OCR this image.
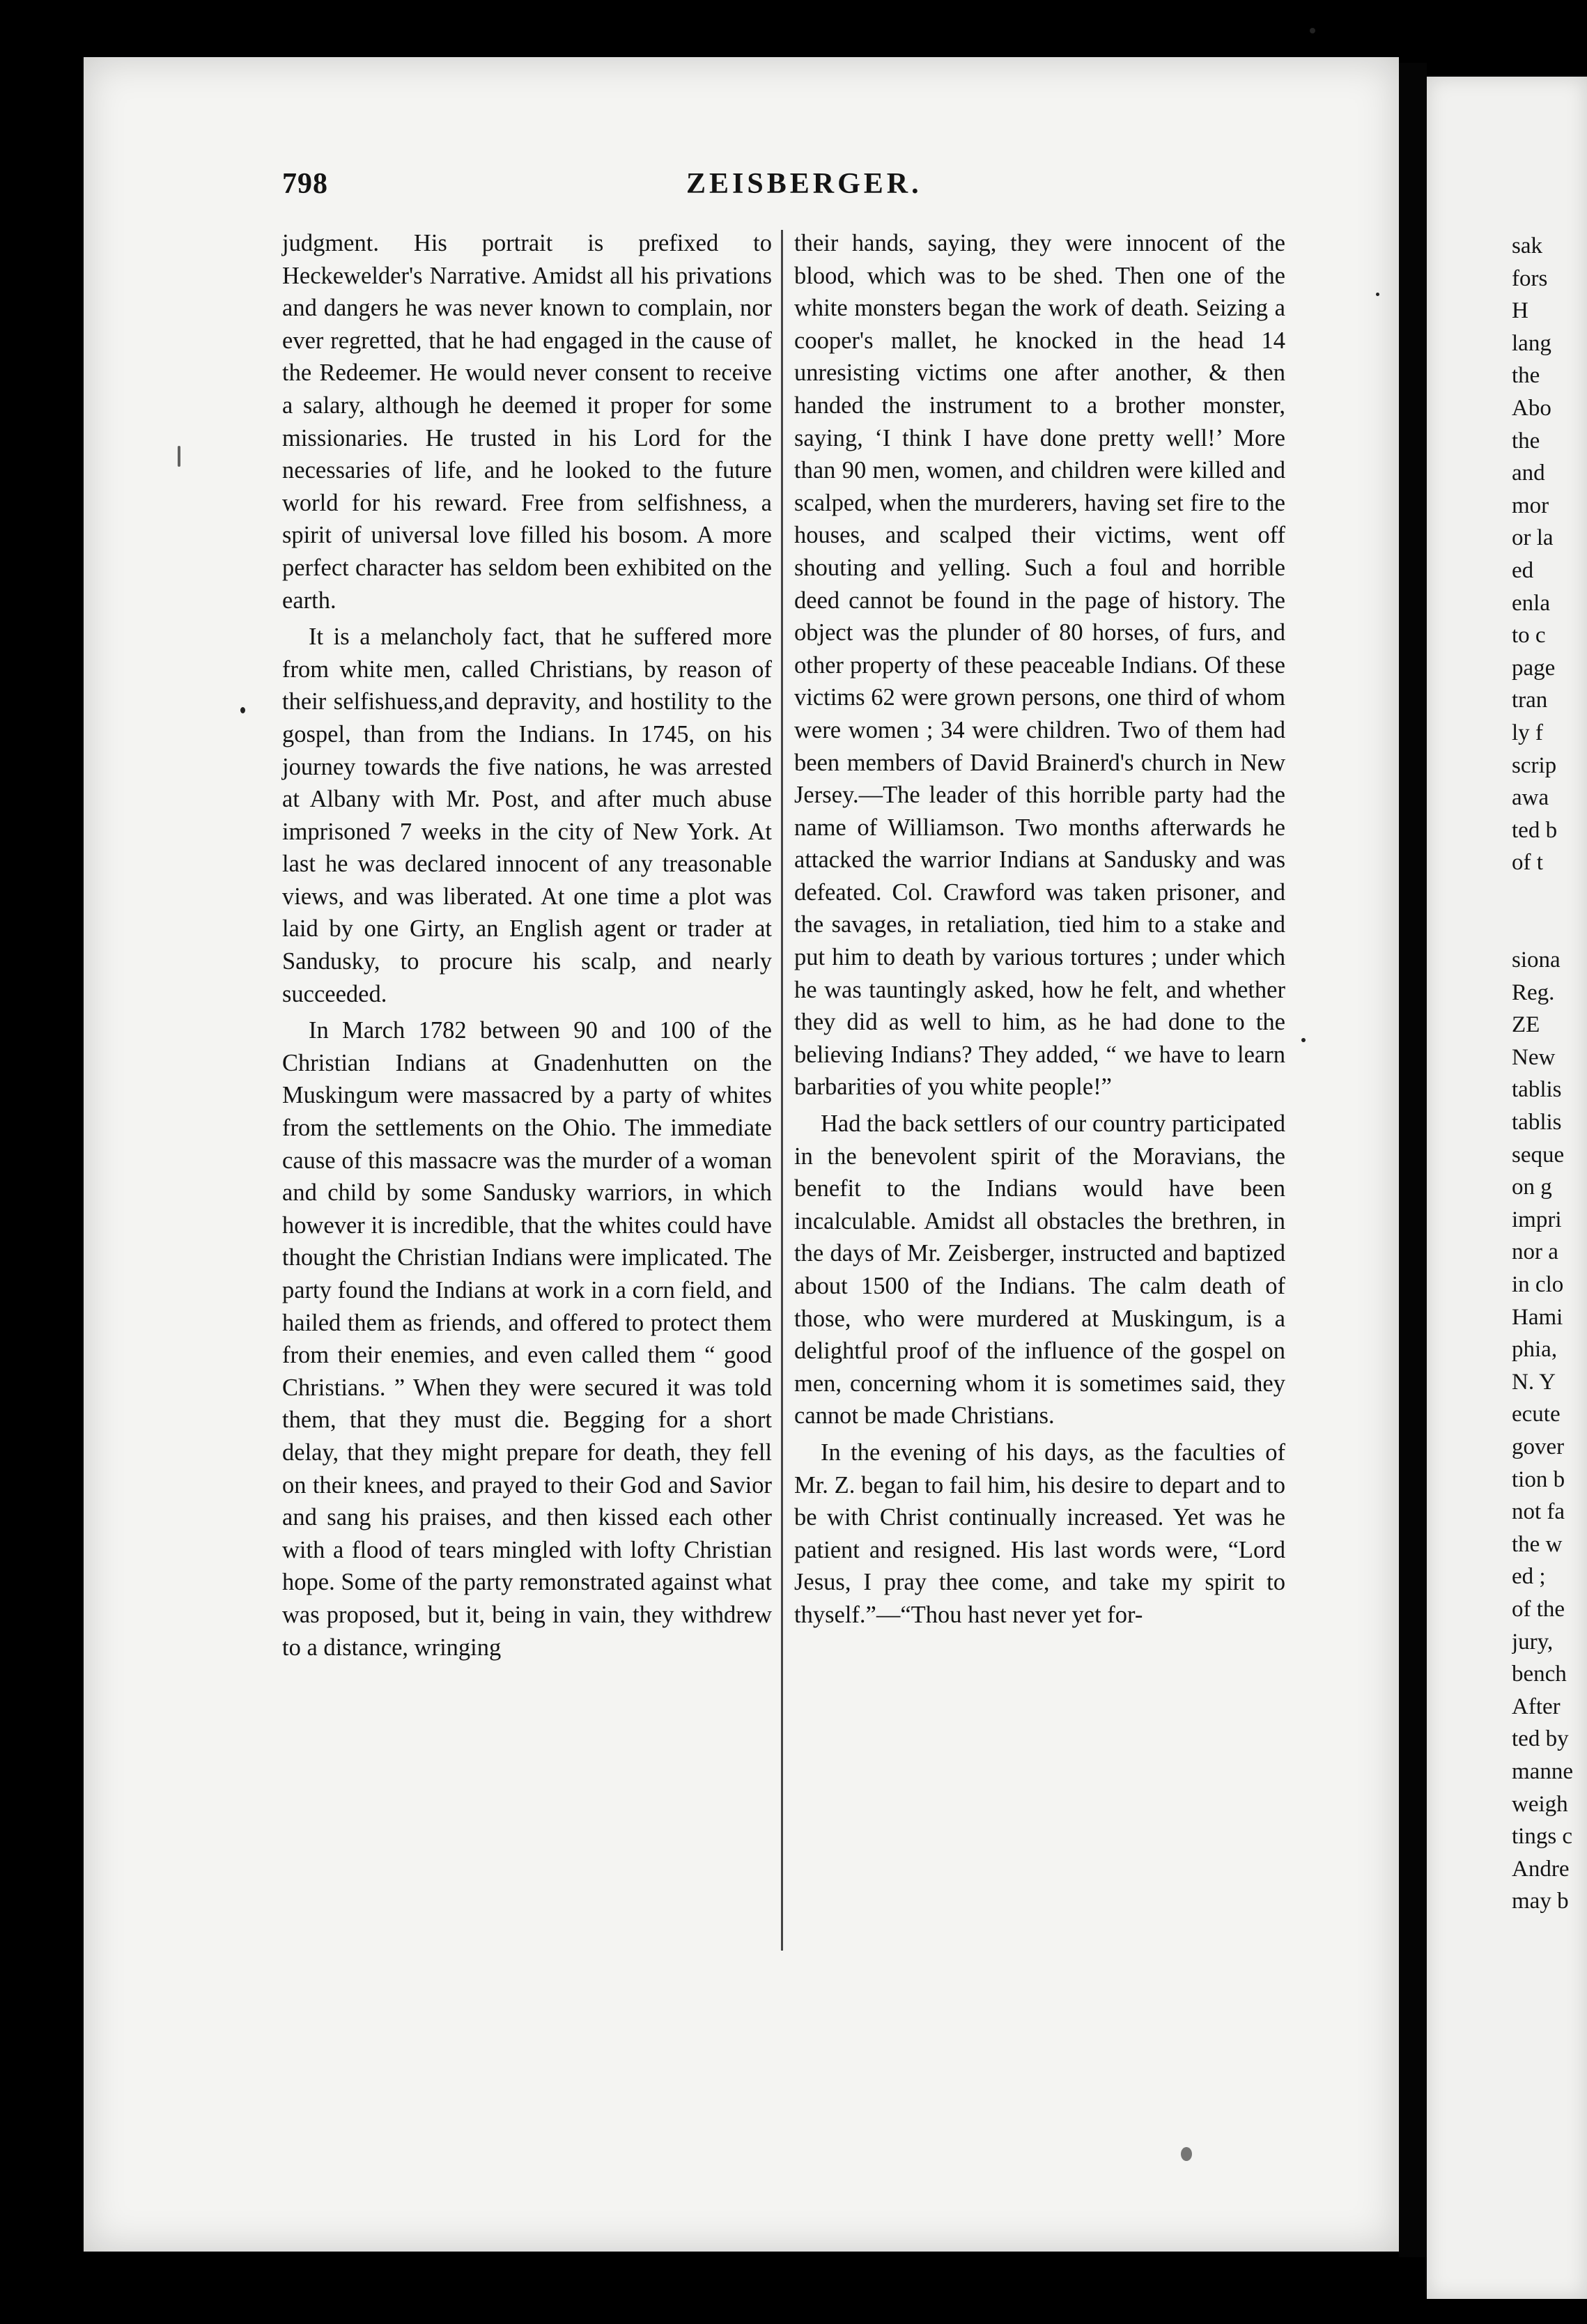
798	ZEISBERGER.

judgment. His portrait is prefixed to Heckewelder's Narrative. Amidst all his privations and dangers he was never known to complain, nor ever regretted, that he had engaged in the cause of the Redeemer. He would never consent to receive a salary, although he deemed it proper for some missionaries. He trusted in his Lord for the necessaries of life, and he looked to the future world for his reward. Free from selfishness, a spirit of universal love filled his bosom. A more perfect character has seldom been exhibited on the earth.

It is a melancholy fact, that he suffered more from white men, called Christians, by reason of their selfishuess,and depravity, and hostility to the gospel, than from the Indians. In 1745, on his journey towards the five nations, he was arrested at Albany with Mr. Post, and after much abuse imprisoned 7 weeks in the city of New York. At last he was declared innocent of any treasonable views, and was liberated. At one time a plot was laid by one Girty, an English agent or trader at Sandusky, to procure his scalp, and nearly succeeded.

In March 1782 between 90 and 100 of the Christian Indians at Gnadenhutten on the Muskingum were massacred by a party of whites from the settlements on the Ohio. The immediate cause of this massacre was the murder of a woman and child by some Sandusky warriors, in which however it is incredible, that the whites could have thought the Christian Indians were implicated. The party found the Indians at work in a corn field, and hailed them as friends, and offered to protect them from their enemies, and even called them “ good Christians. ” When they were secured it was told them, that they must die. Begging for a short delay, that they might prepare for death, they fell on their knees, and prayed to their God and Savior and sang his praises, and then kissed each other with a flood of tears mingled with lofty Christian hope. Some of the party remonstrated against what was proposed, but it, being in vain, they withdrew to a distance, wringing

their hands, saying, they were innocent of the blood, which was to be shed. Then one of the white monsters began the work of death. Seizing a cooper's mallet, he knocked in the head 14 unresisting victims one after another, & then handed the instrument to a brother monster, saying, ‘I think I have done pretty well!’ More than 90 men, women, and children were killed and scalped, when the murderers, having set fire to the houses, and scalped their victims, went off shouting and yelling. Such a foul and horrible deed cannot be found in the page of history. The object was the plunder of 80 horses, of furs, and other property of these peaceable Indians. Of these victims 62 were grown persons, one third of whom were women ; 34 were children. Two of them had been members of David Brainerd's church in New Jersey.—The leader of this horrible party had the name of Williamson. Two months afterwards he attacked the warrior Indians at Sandusky and was defeated. Col. Crawford was taken prisoner, and the savages, in retaliation, tied him to a stake and put him to death by various tortures ; under which he was tauntingly asked, how he felt, and whether they did as well to him, as he had done to the believing Indians? They added, “ we have to learn barbarities of you white people!”

Had the back settlers of our country participated in the benevolent spirit of the Moravians, the benefit to the Indians would have been incalculable. Amidst all obstacles the brethren, in the days of Mr. Zeisberger, instructed and baptized about 1500 of the Indians. The calm death of those, who were murdered at Muskingum, is a delightful proof of the influence of the gospel on men, concerning whom it is sometimes said, they cannot be made Christians.

In the evening of his days, as the faculties of Mr. Z. began to fail him, his desire to depart and to be with Christ continually increased. Yet was he patient and resigned. His last words were, “Lord Jesus, I pray thee come, and take my spirit to thyself.”—“Thou hast never yet for-

sak
fors
H
lang
the
Abo
the
and
mor
or la
ed
enla
to c
page
tran
ly f
scrip
awa
ted b
of t
siona
Reg.
ZE
New
tablis
tablis
seque
on g
impri
nor a
in clo
Hami
phia,
N. Y
ecute
gover
tion b
not fa
the w
ed ;
of the
jury,
bench
After
ted by
manne
weigh
tings c
Andre
may b
